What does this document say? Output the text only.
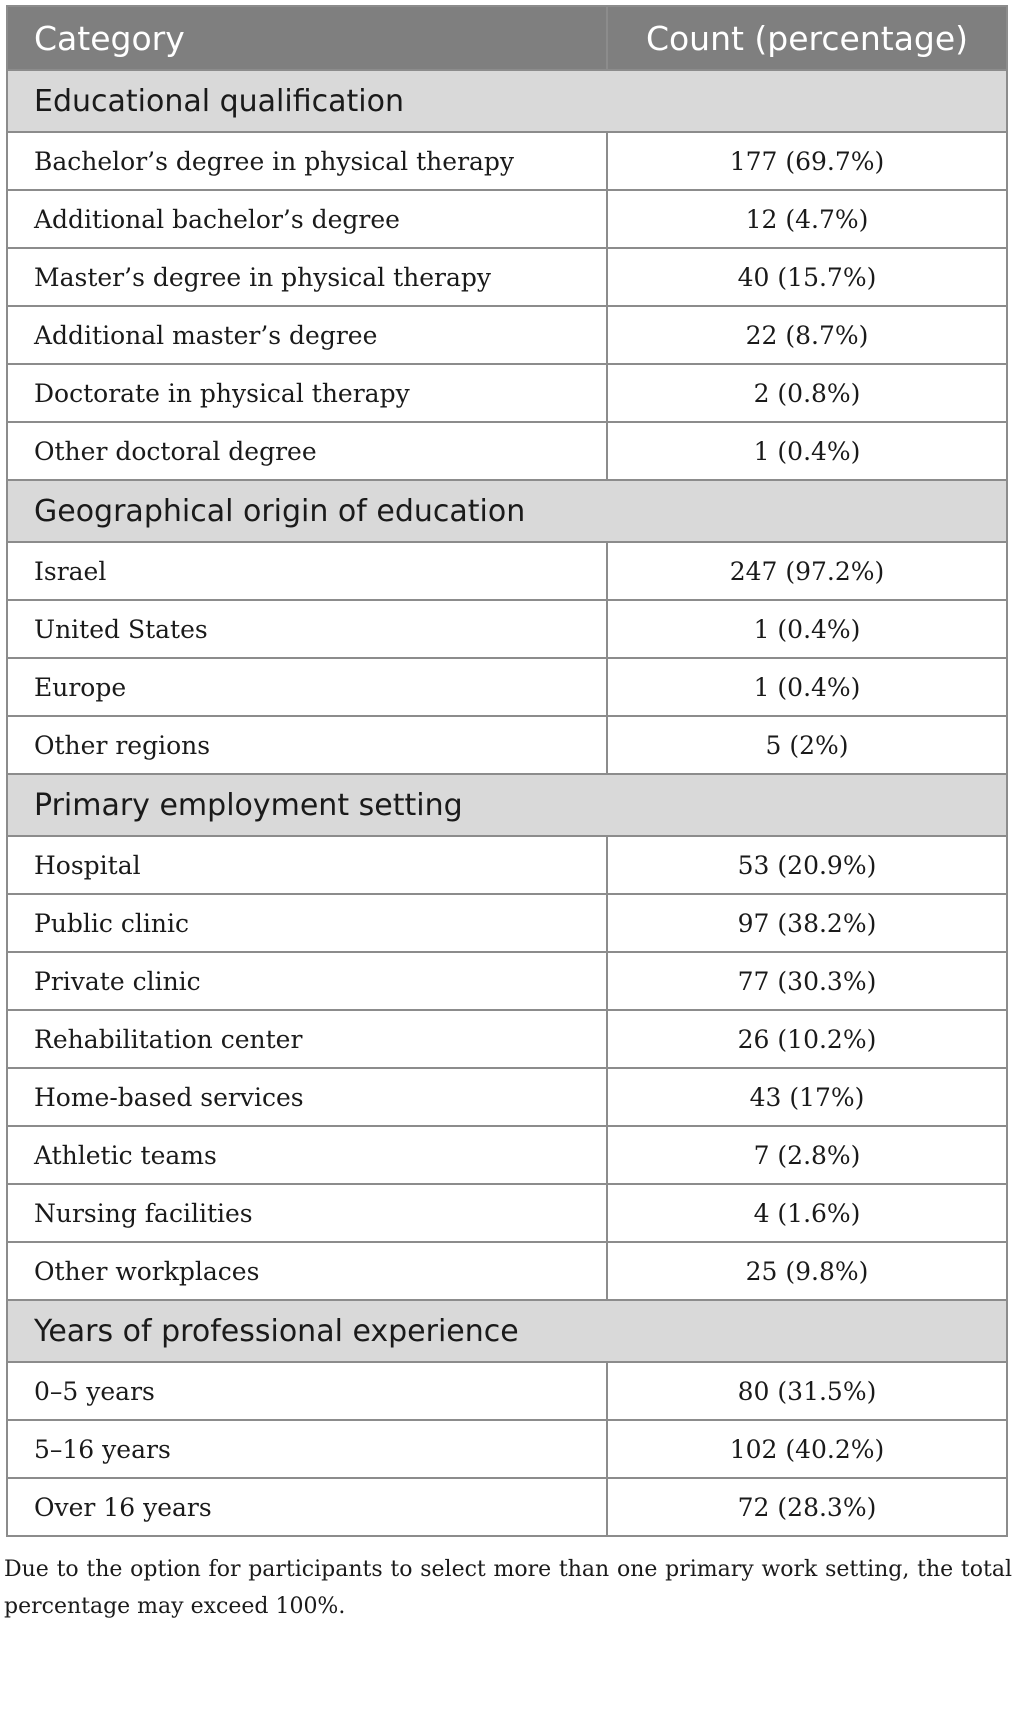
Category	Count (percentage)
Educational qualification	
Bachelor’s degree in physical therapy	177 (69.7%)
Additional bachelor’s degree	12 (4.7%)
Master’s degree in physical therapy	40 (15.7%)
Additional master’s degree	22 (8.7%)
Doctorate in physical therapy	2 (0.8%)
Other doctoral degree	1 (0.4%)
Geographical origin of education	
Israel	247 (97.2%)
United States	1 (0.4%)
Europe	1 (0.4%)
Other regions	5 (2%)
Primary employment setting	
Hospital	53 (20.9%)
Public clinic	97 (38.2%)
Private clinic	77 (30.3%)
Rehabilitation center	26 (10.2%)
Home-based services	43 (17%)
Athletic teams	7 (2.8%)
Nursing facilities	4 (1.6%)
Other workplaces	25 (9.8%)
Years of professional experience	
0–5 years	80 (31.5%)
5–16 years	102 (40.2%)
Over 16 years	72 (28.3%)

Due to the option for participants to select more than one primary work setting, the total percentage may exceed 100%.
